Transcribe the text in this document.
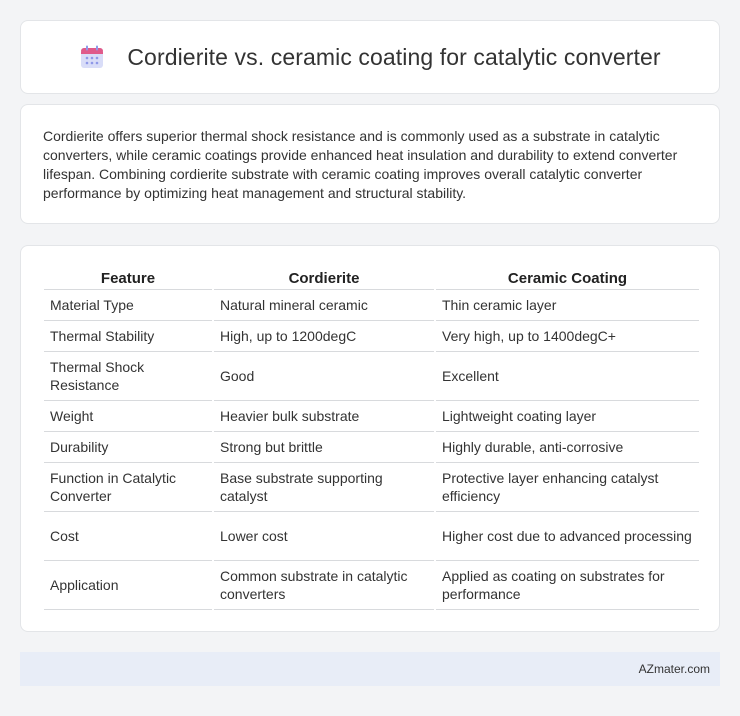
Cordierite vs. ceramic coating for catalytic converter

Cordierite offers superior thermal shock resistance and is commonly used as a substrate in catalytic converters, while ceramic coatings provide enhanced heat insulation and durability to extend converter lifespan. Combining cordierite substrate with ceramic coating improves overall catalytic converter performance by optimizing heat management and structural stability.

Feature	Cordierite	Ceramic Coating
Material Type	Natural mineral ceramic	Thin ceramic layer
Thermal Stability	High, up to 1200degC	Very high, up to 1400degC+
Thermal Shock Resistance	Good	Excellent
Weight	Heavier bulk substrate	Lightweight coating layer
Durability	Strong but brittle	Highly durable, anti-corrosive
Function in Catalytic Converter	Base substrate supporting catalyst	Protective layer enhancing catalyst efficiency
Cost	Lower cost	Higher cost due to advanced processing
Application	Common substrate in catalytic converters	Applied as coating on substrates for performance
AZmater.com
